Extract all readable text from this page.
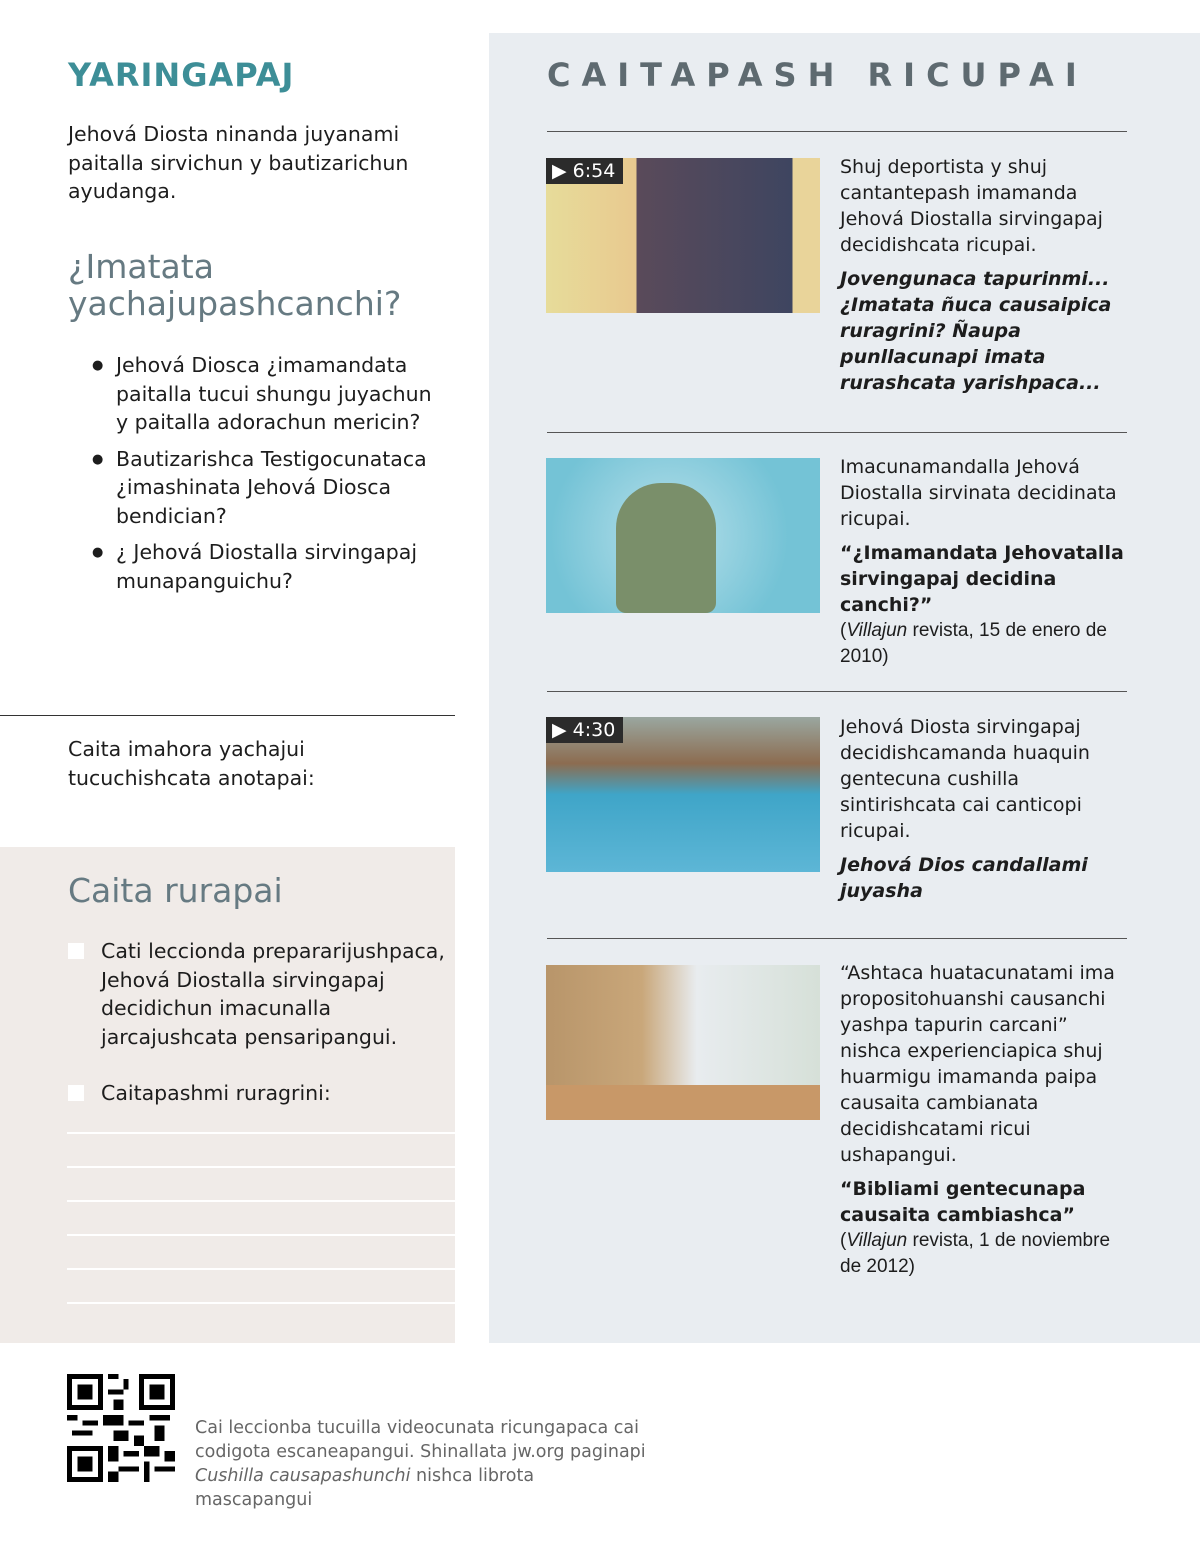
YARINGAPAJ
Jehová Diosta ninanda juyanami paitalla sirvichun y bautizarichun ayudanga.
¿Imatata yachajupashcanchi?
● Jehová Diosca ¿imamandata paitalla tucui shungu juyachun y paitalla adorachun mericin?
● Bautizarishca Testigocunataca ¿imashinata Jehová Diosca bendician?
● ¿ Jehová Diostalla sirvingapaj munapanguichu?
Caita imahora yachajui tucuchishcata anotapai:
Caita rurapai
Cati leccionda prepararijushpaca, Jehová Diostalla sirvingapaj decidichun imacunalla jarcajushcata pensaripangui.
Caitapashmi ruragrini:
CAITAPASH RICUPAI
▶ 6:54	Shuj deportista y shuj cantantepash imamanda Jehová Diostalla sirvingapaj decidishcata ricupai.
Jovengunaca tapurinmi... ¿Imatata ñuca causaipica ruragrini? Ñaupa punllacunapi imata rurashcata yarishpaca...
Imacunamandalla Jehová Diostalla sirvinata decidinata ricupai.
“¿Imamandata Jehovatalla sirvingapaj decidina canchi?”
(Villajun revista, 15 de enero de 2010)
▶ 4:30	Jehová Diosta sirvingapaj decidishcamanda huaquin gentecuna cushilla sintirishcata cai canticopi ricupai.
Jehová Dios candallami juyasha
“Ashtaca huatacunatami ima propositohuanshi causanchi yashpa tapurin carcani” nishca experienciapica shuj huarmigu imamanda paipa causaita cambianata decidishcatami ricui ushapangui.
“Bibliami gentecunapa causaita cambiashca”
(Villajun revista, 1 de noviembre de 2012)
Cai leccionba tucuilla videocunata ricungapaca cai codigota escaneapangui. Shinallata jw.org paginapi Cushilla causapashunchi nishca librota mascapangui
